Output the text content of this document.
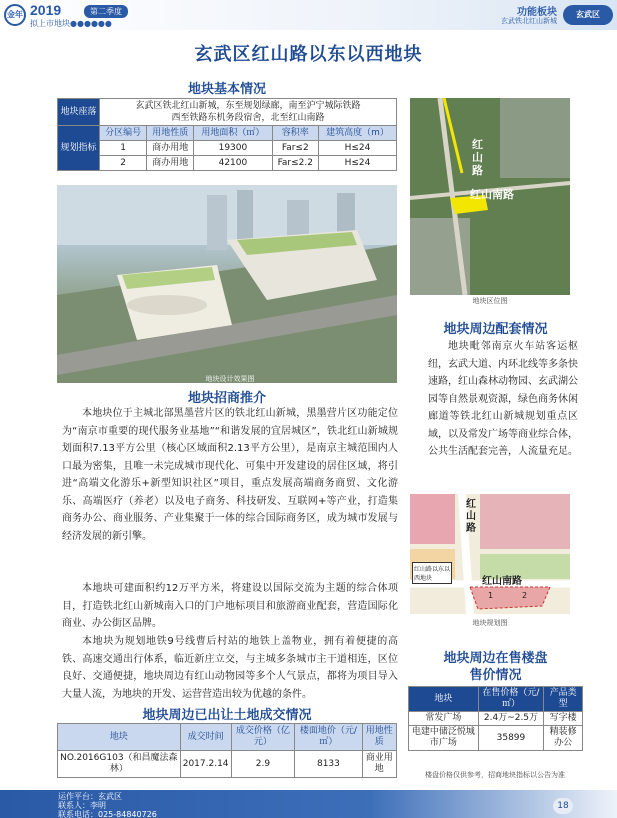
金年 2019	第二季度
拟上市地块●●●●●●
功能板块
玄武铁北红山新城
玄武区
玄武区红山路以东以西地块
地块基本情况
地块座落	玄武区铁北红山新城，东至规划绿廊，南至沪宁城际铁路
西至铁路东机务段宿舍，北至红山南路				

规划指标	分区编号	用地性质	用地面积（㎡）	容积率	建筑高度（m）
	1	商办用地	19300	Far≤2	H≤24
	2	商办用地	42100	Far≤2.2	H≤24
地块设计效果图
地块招商推介
本地块位于主城北部黑墨营片区的铁北红山新城，黑墨营片区功能定位为“南京市重要的现代服务业基地”“和谐发展的宜居城区”，铁北红山新城规划面积7.13平方公里（核心区域面积2.13平方公里），是南京主城范围内人口最为密集，且唯一未完成城市现代化、可集中开发建设的居住区域，将引进“高端文化游乐+新型知识社区”项目，重点发展高端商务商贸、文化游乐、高端医疗（养老）以及电子商务、科技研发、互联网+等产业，打造集商务办公、商业服务、产业集聚于一体的综合国际商务区，成为城市发展与经济发展的新引擎。
本地块可建面积约12万平方米，将建设以国际交流为主题的综合体项目，打造铁北红山新城南入口的门户地标项目和旅游商业配套，营造国际化商业、办公街区品牌。
本地块为规划地铁9号线曹后村站的地铁上盖物业，拥有着便捷的高铁、高速交通出行体系，临近新庄立交，与主城多条城市主干道相连，区位良好、交通便捷，地块周边有红山动物园等多个人气景点，都将为项目导入大量人流，为地块的开发、运营营造出较为优越的条件。
红山路
红山南路
地块区位图
地块周边配套情况
地块毗邻南京火车站客运枢纽，玄武大道、内环北线等多条快速路，红山森林动物园、玄武湖公园等自然景观资源，绿色商务休闲廊道等铁北红山新城规划重点区域，以及常发广场等商业综合体，公共生活配套完善，人流量充足。
红山路
红山南路
红山路以东以西地块
1	2
地块规划图
地块周边在售楼盘
售价情况
地块	在售价格（元/㎡）	产品类型
常发广场	2.4万~2.5万	写字楼
电建中储泛悦城市广场	35899	精装修办公
楼盘价格仅供参考，招商地块指标以公告为准
地块周边已出让土地成交情况
地块	成交时间	成交价格（亿元）	楼面地价（元/㎡）	用地性质
NO.2016G103（和昌魔法森林）	2017.2.14	2.9	8133	商业用地
运作平台：玄武区
联系人：李明
联系电话：025-84840726
18
